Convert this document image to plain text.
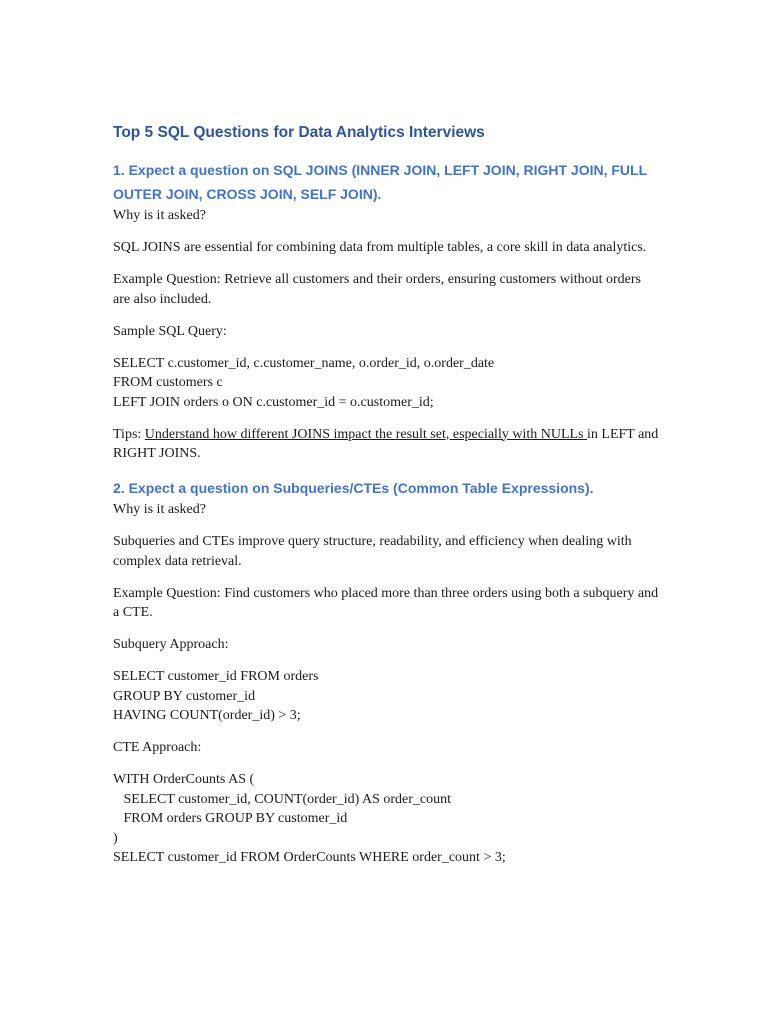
Top 5 SQL Questions for Data Analytics Interviews
1. Expect a question on SQL JOINS (INNER JOIN, LEFT JOIN, RIGHT JOIN, FULL OUTER JOIN, CROSS JOIN, SELF JOIN).
Why is it asked?

SQL JOINS are essential for combining data from multiple tables, a core skill in data analytics.

Example Question: Retrieve all customers and their orders, ensuring customers without orders are also included.

Sample SQL Query:

SELECT c.customer_id, c.customer_name, o.order_id, o.order_date
FROM customers c
LEFT JOIN orders o ON c.customer_id = o.customer_id;

Tips: Understand how different JOINS impact the result set, especially with NULLs in LEFT and RIGHT JOINS.

2. Expect a question on Subqueries/CTEs (Common Table Expressions).
Why is it asked?

Subqueries and CTEs improve query structure, readability, and efficiency when dealing with complex data retrieval.

Example Question: Find customers who placed more than three orders using both a subquery and a CTE.

Subquery Approach:

SELECT customer_id FROM orders
GROUP BY customer_id
HAVING COUNT(order_id) > 3;

CTE Approach:

WITH OrderCounts AS (
SELECT customer_id, COUNT(order_id) AS order_count
FROM orders GROUP BY customer_id
)
SELECT customer_id FROM OrderCounts WHERE order_count > 3;
